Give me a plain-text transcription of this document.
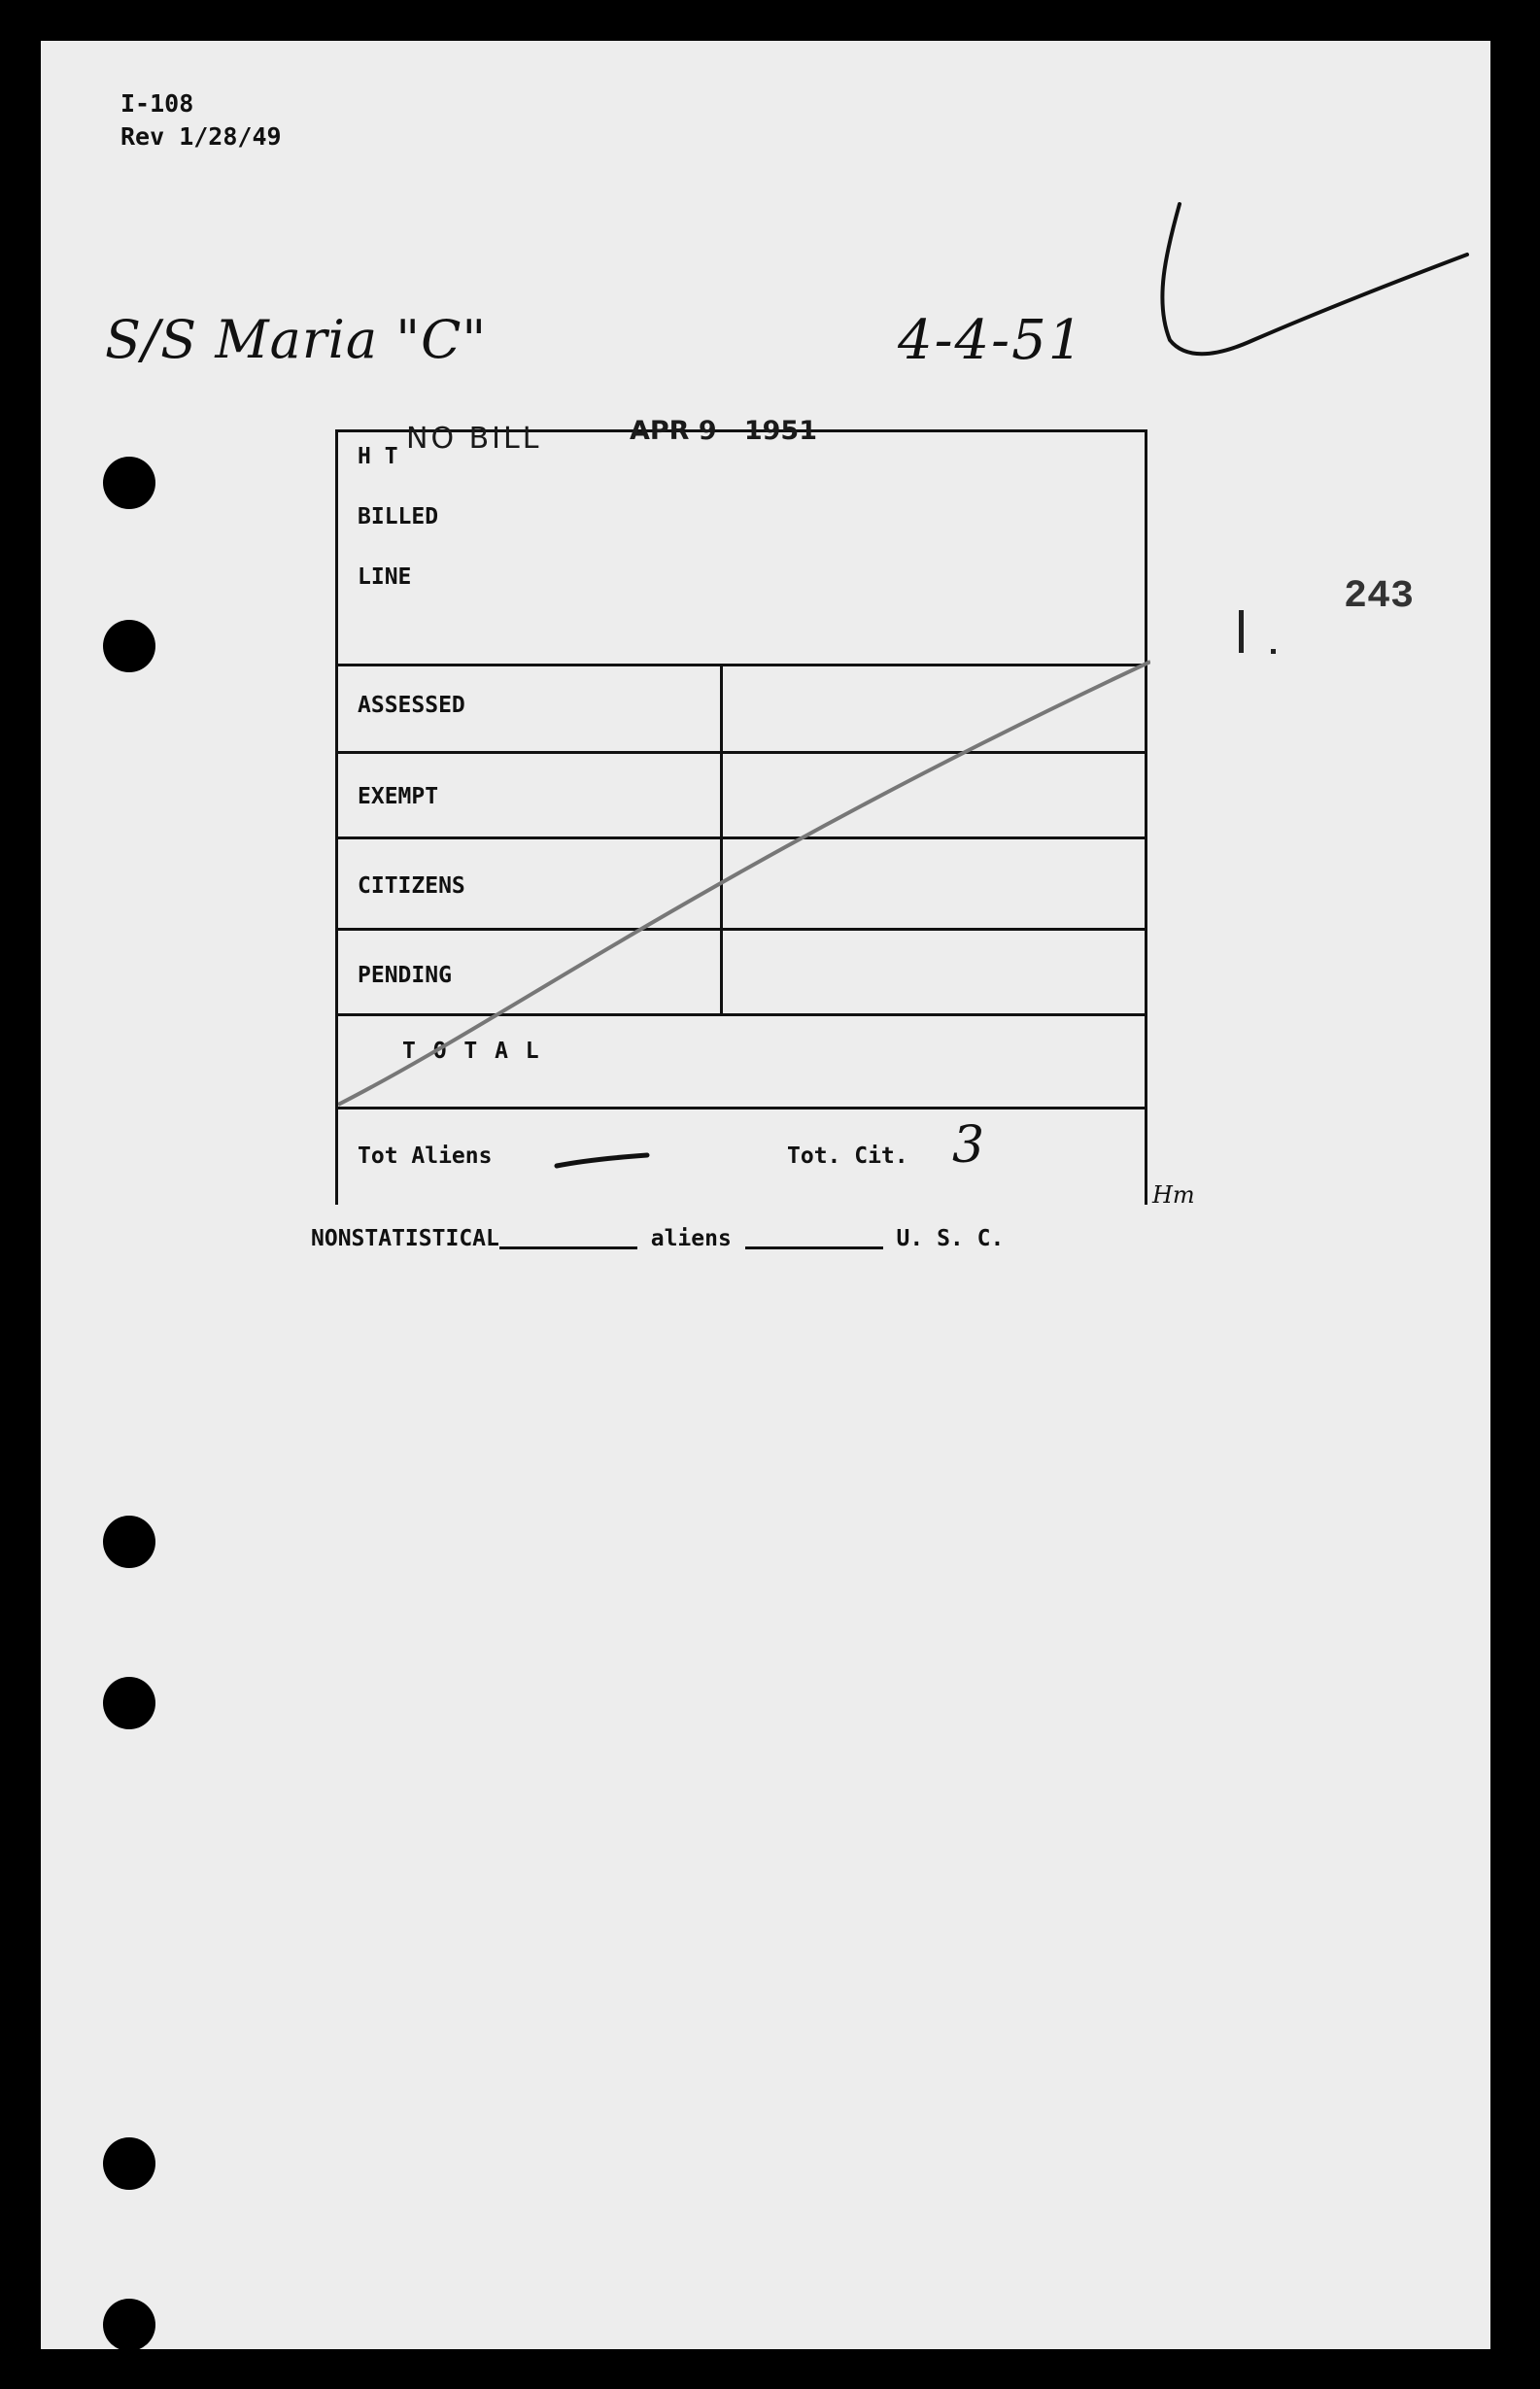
I-108
Rev 1/28/49
S/S Maria "C"	4-4-51
243
H T
BILLED
LINE
ASSESSED
EXEMPT
CITIZENS
PENDING
T O T A L
Tot Aliens	Tot. Cit. 3
NO BILL	APR 9   1951
Hm
NONSTATISTICAL	aliens	U. S. C.
